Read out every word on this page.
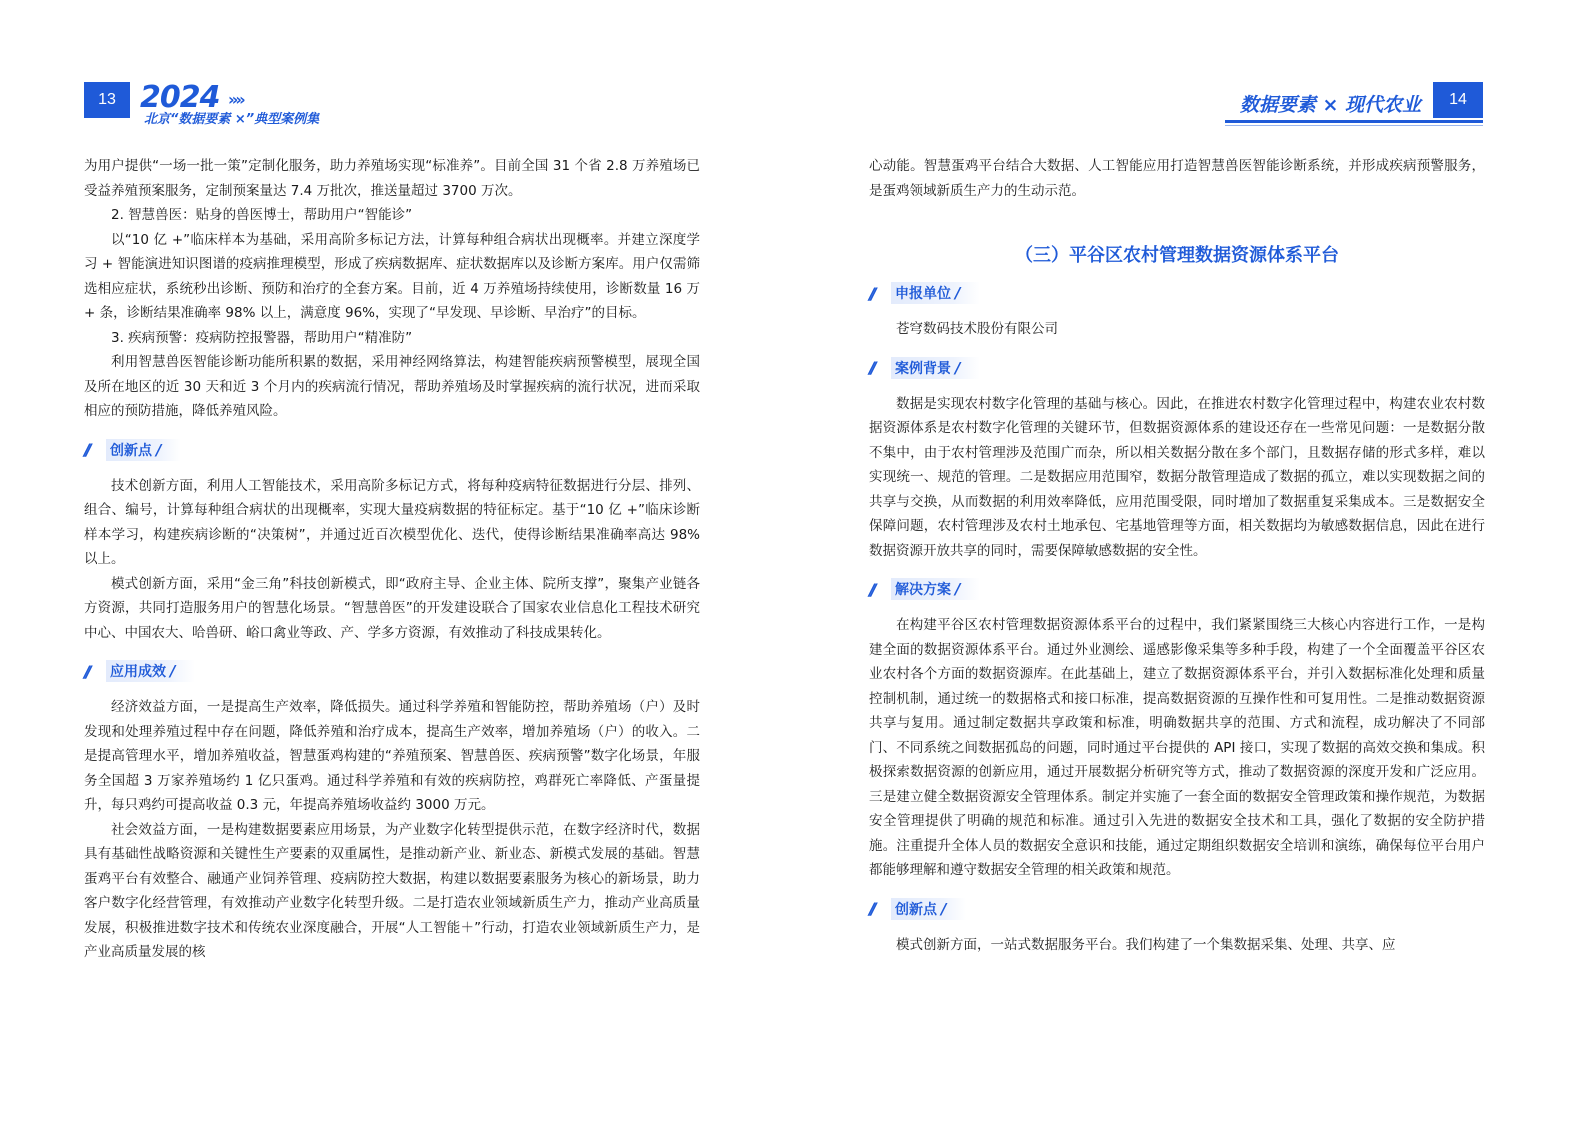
13 2024 »»
北京“数据要素 ×”典型案例集

为用户提供“一场一批一策”定制化服务，助力养殖场实现“标准养”。目前全国 31 个省 2.8 万养殖场已受益养殖预案服务，定制预案量达 7.4 万批次，推送量超过 3700 万次。

2. 智慧兽医：贴身的兽医博士，帮助用户“智能诊”

以“10 亿 +”临床样本为基础，采用高阶多标记方法，计算每种组合病状出现概率。并建立深度学习 + 智能演进知识图谱的疫病推理模型，形成了疾病数据库、症状数据库以及诊断方案库。用户仅需筛选相应症状，系统秒出诊断、预防和治疗的全套方案。目前，近 4 万养殖场持续使用，诊断数量 16 万 + 条，诊断结果准确率 98% 以上，满意度 96%，实现了“早发现、早诊断、早治疗”的目标。

3. 疾病预警：疫病防控报警器，帮助用户“精准防”

利用智慧兽医智能诊断功能所积累的数据，采用神经网络算法，构建智能疾病预警模型，展现全国及所在地区的近 30 天和近 3 个月内的疾病流行情况，帮助养殖场及时掌握疾病的流行状况，进而采取相应的预防措施，降低养殖风险。

//	创新点 /

技术创新方面，利用人工智能技术，采用高阶多标记方式，将每种疫病特征数据进行分层、排列、组合、编号，计算每种组合病状的出现概率，实现大量疫病数据的特征标定。基于“10 亿 +”临床诊断样本学习，构建疾病诊断的“决策树”，并通过近百次模型优化、迭代，使得诊断结果准确率高达 98% 以上。

模式创新方面，采用“金三角”科技创新模式，即“政府主导、企业主体、院所支撑”，聚集产业链各方资源，共同打造服务用户的智慧化场景。“智慧兽医”的开发建设联合了国家农业信息化工程技术研究中心、中国农大、哈兽研、峪口禽业等政、产、学多方资源，有效推动了科技成果转化。

//	应用成效 /

经济效益方面，一是提高生产效率，降低损失。通过科学养殖和智能防控，帮助养殖场（户）及时发现和处理养殖过程中存在问题，降低养殖和治疗成本，提高生产效率，增加养殖场（户）的收入。二是提高管理水平，增加养殖收益，智慧蛋鸡构建的“养殖预案、智慧兽医、疾病预警”数字化场景，年服务全国超 3 万家养殖场约 1 亿只蛋鸡。通过科学养殖和有效的疾病防控，鸡群死亡率降低、产蛋量提升，每只鸡约可提高收益 0.3 元，年提高养殖场收益约 3000 万元。

社会效益方面，一是构建数据要素应用场景，为产业数字化转型提供示范，在数字经济时代，数据具有基础性战略资源和关键性生产要素的双重属性，是推动新产业、新业态、新模式发展的基础。智慧蛋鸡平台有效整合、融通产业饲养管理、疫病防控大数据，构建以数据要素服务为核心的新场景，助力客户数字化经营管理，有效推动产业数字化转型升级。二是打造农业领域新质生产力，推动产业高质量发展，积极推进数字技术和传统农业深度融合，开展“人工智能＋”行动，打造农业领域新质生产力，是产业高质量发展的核

数据要素 × 现代农业	14

心动能。智慧蛋鸡平台结合大数据、人工智能应用打造智慧兽医智能诊断系统，并形成疾病预警服务，是蛋鸡领域新质生产力的生动示范。

（三）平谷区农村管理数据资源体系平台
//	申报单位 /

苍穹数码技术股份有限公司

//	案例背景 /

数据是实现农村数字化管理的基础与核心。因此，在推进农村数字化管理过程中，构建农业农村数据资源体系是农村数字化管理的关键环节，但数据资源体系的建设还存在一些常见问题：一是数据分散不集中，由于农村管理涉及范围广而杂，所以相关数据分散在多个部门，且数据存储的形式多样，难以实现统一、规范的管理。二是数据应用范围窄，数据分散管理造成了数据的孤立，难以实现数据之间的共享与交换，从而数据的利用效率降低，应用范围受限，同时增加了数据重复采集成本。三是数据安全保障问题，农村管理涉及农村土地承包、宅基地管理等方面，相关数据均为敏感数据信息，因此在进行数据资源开放共享的同时，需要保障敏感数据的安全性。

//	解决方案 /

在构建平谷区农村管理数据资源体系平台的过程中，我们紧紧围绕三大核心内容进行工作，一是构建全面的数据资源体系平台。通过外业测绘、遥感影像采集等多种手段，构建了一个全面覆盖平谷区农业农村各个方面的数据资源库。在此基础上，建立了数据资源体系平台，并引入数据标准化处理和质量控制机制，通过统一的数据格式和接口标准，提高数据资源的互操作性和可复用性。二是推动数据资源共享与复用。通过制定数据共享政策和标准，明确数据共享的范围、方式和流程，成功解决了不同部门、不同系统之间数据孤岛的问题，同时通过平台提供的 API 接口，实现了数据的高效交换和集成。积极探索数据资源的创新应用，通过开展数据分析研究等方式，推动了数据资源的深度开发和广泛应用。三是建立健全数据资源安全管理体系。制定并实施了一套全面的数据安全管理政策和操作规范，为数据安全管理提供了明确的规范和标准。通过引入先进的数据安全技术和工具，强化了数据的安全防护措施。注重提升全体人员的数据安全意识和技能，通过定期组织数据安全培训和演练，确保每位平台用户都能够理解和遵守数据安全管理的相关政策和规范。

//	创新点 /

模式创新方面，一站式数据服务平台。我们构建了一个集数据采集、处理、共享、应
